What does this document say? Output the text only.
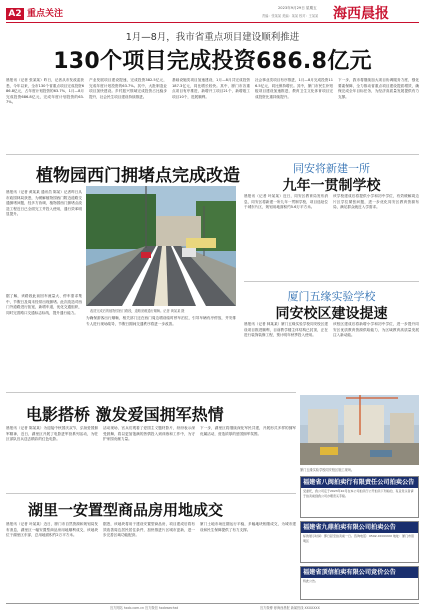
A2 重点关注
2023年9月29日 星期五
责编：张某某 美编：某某 校对：王某某 海西晨报
1月—8月，我市省重点项目建设顺利推进
130个项目完成投资686.8亿元
晨报讯（记者 张某某）昨日，记者从市发改委获悉，今年以来，全市130个省重点项目完成投资686.8亿元，占年度计划投资的63.7%，1月—8月完成投资686.8亿元，完成年度计划投资的63.7%。
产业发展项目建设提速，完成投资382.5亿元，完成年度计划投资的63.7%。其中，大批制造业项目加快建设。乡村振兴领域完成投资占比稳步提升，社会民生项目建设持续推进。
基础设施类项目加速建设，1月—8月共完成投资187.3亿元，同比增长较快。其中，厦门市各重点项目有序推进，新增开工项目21个，新增竣工项目10个，进展顺利。
社会事业类项目有序推进，1月—8月完成投资116.5亿元，同比保持增长。其中，厦门市民生补短板项目建设加速推进，教育卫生文化体育项目完成投资比重持续提升。
下一步，我市将继续加大项目协调服务力度，强化要素保障，全力推动省重点项目建设提质增效，确保完成全年目标任务，为经济高质量发展提供有力支撑。
植物园西门拥堵点完成改造
晨报讯（记者 黄某某 通讯员 陈某）记者昨日从市政园林局获悉，为缓解植物园西门附近道路交通拥堵问题，经多方协调，植物园西门拥堵点改造工程近日已全面完工并投入使用，通行效率明显提升。
据了解，该路段此前因车流量大、停车需求集中，节假日及周末经常出现拥堵。此次改造对西门外道路进行拓宽，新增车道，优化交通组织，同时完善路口交通标志标线，提升通行能力。	改造完成后的植物园西门路段，道路宽敞通行顺畅。记者 黄某某 摄
为确保游客出行顺畅，相关部门还在西门周边增设临时停车泊位，引导车辆有序停放，并安排专人进行现场疏导，节假日期间交通秩序将进一步改善。
同安将新建一所
九年一贯制学校
晨报讯（记者 叶某某）近日，同安区教育局发布消息，同安区将新建一所九年一贯制学校，项目选址位于城东片区，规划用地面积约5.6万平方米。
该学校建成后将提供小学和初中学位，有效缓解周边片区学位紧张问题，进一步优化同安区教育资源布局，满足群众就近入学需求。
厦门五缘实验学校
同安校区建设提速
晨报讯（记者 林某某）厦门五缘实验学校同安校区建设项目推进顺利，目前教学楼主体结构已封顶，正在进行装饰装修工程，预计明年秋季投入使用。
该校区建成后将新增小学和初中学位，进一步提升同安区优质教育资源供给能力，为区域教育高质量发展注入新动能。
厦门五缘实验学校同安校区施工现场。
电影搭桥 激发爱国拥军热情
晨报讯（记者 陈某某）为迎接中秋国庆双节，弘扬爱国拥军精神，近日，湖里区开展了电影进军营系列活动，为驻区部队官兵送去精彩的红色电影。
活动现场，官兵们观看了爱国主义题材影片，纷纷表示深受鼓舞，将以更加饱满的热情投入到训练和工作中，为守护家园贡献力量。
下一步，湖里区将继续深化军民共建，开展形式多样的拥军优属活动，营造浓厚的爱国拥军氛围。
湖里一安置型商品房用地成交
晨报讯（记者 叶某某）近日，厦门市自然资源和规划局发布消息，湖里区一幅安置型商品房用地顺利成交，该地块位于湖里区东部，总用地面积约2万平方米。
据悉，该地块将用于建设安置型商品房，项目建成后将有效改善周边居民居住条件，加快推进片区城市更新，进一步完善区域功能配套。
厦门土地市场近期运行平稳，多幅地块相继成交，为城市建设和民生保障提供了有力支撑。
福建省八闽拍卖行有限责任公司拍卖公告
受委托，我公司定于2023年10月在本公司拍卖厅公开拍卖下列标的，有意竞买者请于拍卖前到我公司办理竞买手续。
福建省九鼎拍卖有限公司拍卖公告
标的展示时间：即日起至拍卖前一日。咨询电话：0592-XXXXXXX 地址：厦门市思明区
福建省顶信拍卖有限公司竞价公告
特此公告。
官方网站 hxcb.com.cn 官方微信 hxcbwechat	官方微博 @海西晨报 新闻热线 XXXXXXX
